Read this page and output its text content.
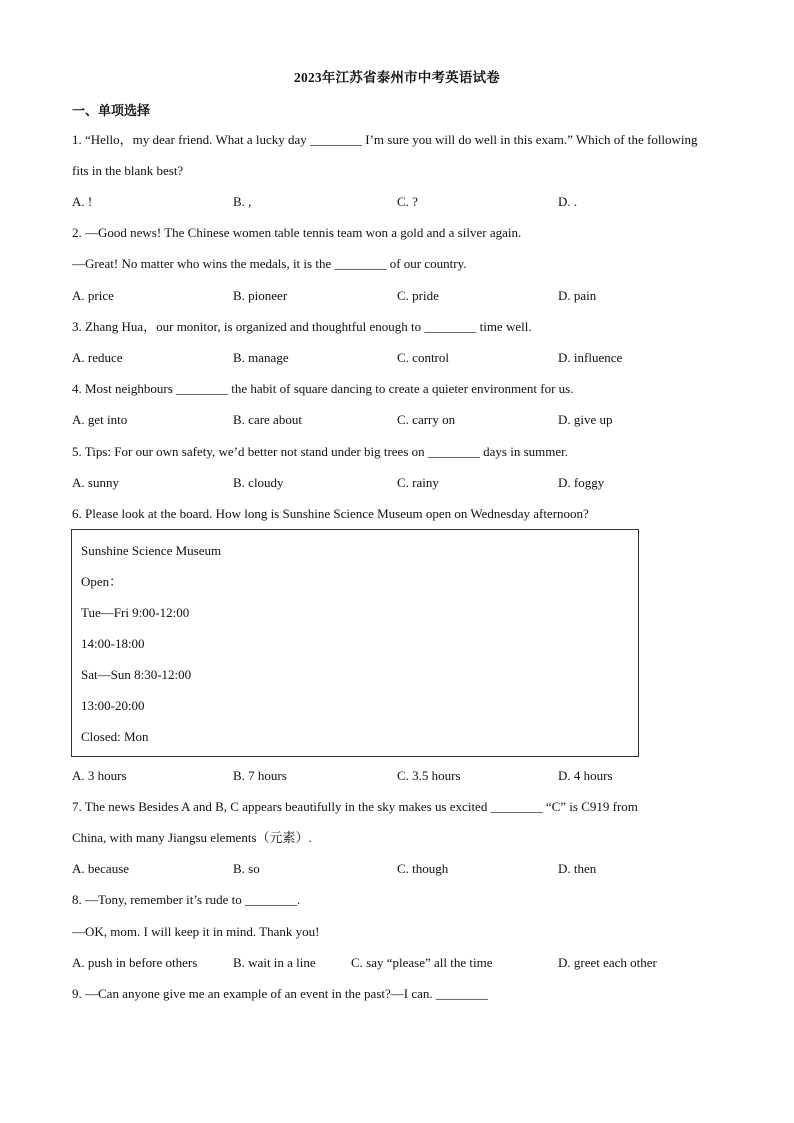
2023年江苏省泰州市中考英语试卷
一、单项选择
1. “Hello，my dear friend. What a lucky day ________ I’m sure you will do well in this exam.” Which of the following
fits in the blank best?
A. !	B. ,	C. ?	D. .
2. —Good news! The Chinese women table tennis team won a gold and a silver again.
—Great! No matter who wins the medals, it is the ________ of our country.
A. price	B. pioneer	C. pride	D. pain
3. Zhang Hua，our monitor, is organized and thoughtful enough to ________ time well.
A. reduce	B. manage	C. control	D. influence
4. Most neighbours ________ the habit of square dancing to create a quieter environment for us.
A. get into	B. care about	C. carry on	D. give up
5. Tips: For our own safety, we’d better not stand under big trees on ________ days in summer.
A. sunny	B. cloudy	C. rainy	D. foggy
6. Please look at the board. How long is Sunshine Science Museum open on Wednesday afternoon?
Sunshine Science Museum
Open：
Tue—Fri 9:00-12:00
14:00-18:00
Sat—Sun 8:30-12:00
13:00-20:00
Closed: Mon
A. 3 hours	B. 7 hours	C. 3.5 hours	D. 4 hours
7. The news Besides A and B, C appears beautifully in the sky makes us excited ________ “C” is C919 from
China, with many Jiangsu elements（元素）.
A. because	B. so	C. though	D. then
8. —Tony, remember it’s rude to ________.
—OK, mom. I will keep it in mind. Thank you!
A. push in before others	B. wait in a line	C. say “please” all the time	D. greet each other
9. —Can anyone give me an example of an event in the past?—I can. ________
